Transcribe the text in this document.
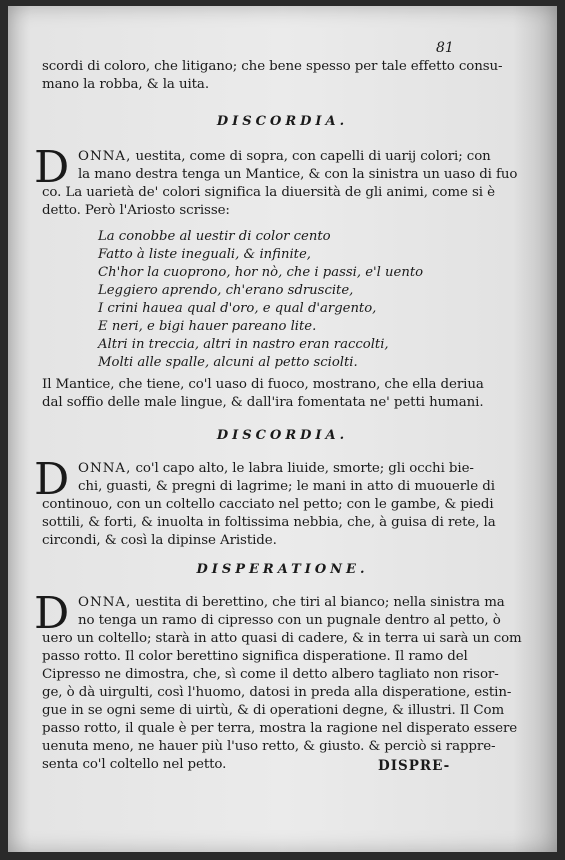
81
scordi di coloro, che litigano; che bene spesso per tale effetto consu-
mano la robba, & la uita.
DISCORDIA.
D ONNA, uestita, come di sopra, con capelli di uarij colori; con
la mano destra tenga un Mantice, & con la sinistra un uaso di fuo
co. La uarietà de' colori significa la diuersità de gli animi, come si è
detto. Però l'Ariosto scrisse:
La conobbe al uestir di color cento
Fatto à liste ineguali, & infinite,
Ch'hor la cuoprono, hor nò, che i passi, e'l uento
Leggiero aprendo, ch'erano sdruscite,
I crini hauea qual d'oro, e qual d'argento,
E neri, e bigi hauer pareano lite.
Altri in treccia, altri in nastro eran raccolti,
Molti alle spalle, alcuni al petto sciolti.
Il Mantice, che tiene, co'l uaso di fuoco, mostrano, che ella deriua
dal soffio delle male lingue, & dall'ira fomentata ne' petti humani.
DISCORDIA.
D ONNA, co'l capo alto, le labra liuide, smorte; gli occhi bie-
chi, guasti, & pregni di lagrime; le mani in atto di muouerle di
continouo, con un coltello cacciato nel petto; con le gambe, & piedi
sottili, & forti, & inuolta in foltissima nebbia, che, à guisa di rete, la
circondi, & così la dipinse Aristide.
DISPERATIONE.
D ONNA, uestita di berettino, che tiri al bianco; nella sinistra ma
no tenga un ramo di cipresso con un pugnale dentro al petto, ò
uero un coltello; starà in atto quasi di cadere, & in terra ui sarà un com
passo rotto. Il color berettino significa disperatione. Il ramo del
Cipresso ne dimostra, che, sì come il detto albero tagliato non risor-
ge, ò dà uirgulti, così l'huomo, datosi in preda alla disperatione, estin-
gue in se ogni seme di uirtù, & di operationi degne, & illustri. Il Com
passo rotto, il quale è per terra, mostra la ragione nel disperato essere
uenuta meno, ne hauer più l'uso retto, & giusto. & perciò si rappre-
senta co'l coltello nel petto.	DISPRE-
